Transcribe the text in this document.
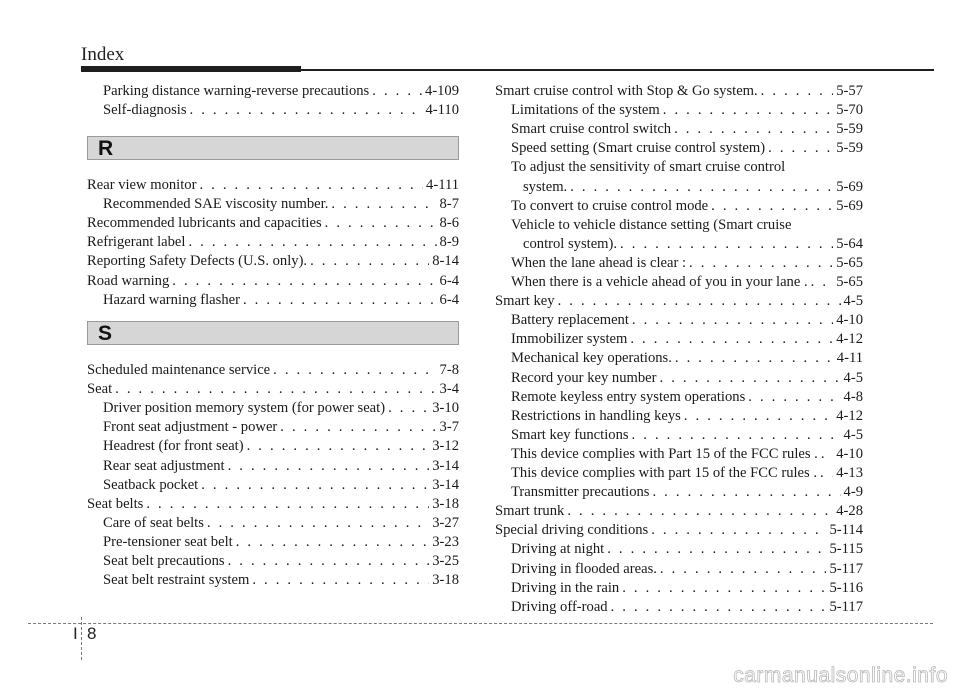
Index
Parking distance warning-reverse precautions . . .	4-109
Self-diagnosis . . .	4-110
Rear view monitor . . .	4-111
Recommended SAE viscosity number. . . .	8-7
Recommended lubricants and capacities . . .	8-6
Refrigerant label . . .	8-9
Reporting Safety Defects (U.S. only). . . .	8-14
Road warning . . .	6-4
Hazard warning flasher . . .	6-4
Scheduled maintenance service . . .	7-8
Seat . . .	3-4
Driver position memory system (for power seat) . . .	3-10
Front seat adjustment - power . . .	3-7
Headrest (for front seat) . . .	3-12
Rear seat adjustment . . .	3-14
Seatback pocket . . .	3-14
Seat belts . . .	3-18
Care of seat belts . . .	3-27
Pre-tensioner seat belt . . .	3-23
Seat belt precautions . . .	3-25
Seat belt restraint system . . .	3-18
R
S
Smart cruise control with Stop & Go system. . . .	5-57
Limitations of the system . . .	5-70
Smart cruise control switch . . .	5-59
Speed setting (Smart cruise control system) . . .	5-59
To adjust the sensitivity of smart cruise control
system. . . .	5-69
To convert to cruise control mode . . .	5-69
Vehicle to vehicle distance setting (Smart cruise
control system). . . .	5-64
When the lane ahead is clear : . . .	5-65
When there is a vehicle ahead of you in your lane . . . . 5-65
Smart key . . .	4-5
Battery replacement . . .	4-10
Immobilizer system . . .	4-12
Mechanical key operations. . . .	4-11
Record your key number . . .	4-5
Remote keyless entry system operations . . .	4-8
Restrictions in handling keys . . .	4-12
Smart key functions . . .	4-5
This device complies with Part 15 of the FCC rules . . . . 4-10
This device complies with part 15 of the FCC rules . . . . 4-13
Transmitter precautions . . .	4-9
Smart trunk . . .	4-28
Special driving conditions . . .	5-114
Driving at night . . .	5-115
Driving in flooded areas. . . .	5-117
Driving in the rain . . .	5-116
Driving off-road . . .	5-117
I 8
carmanualsonline.info
